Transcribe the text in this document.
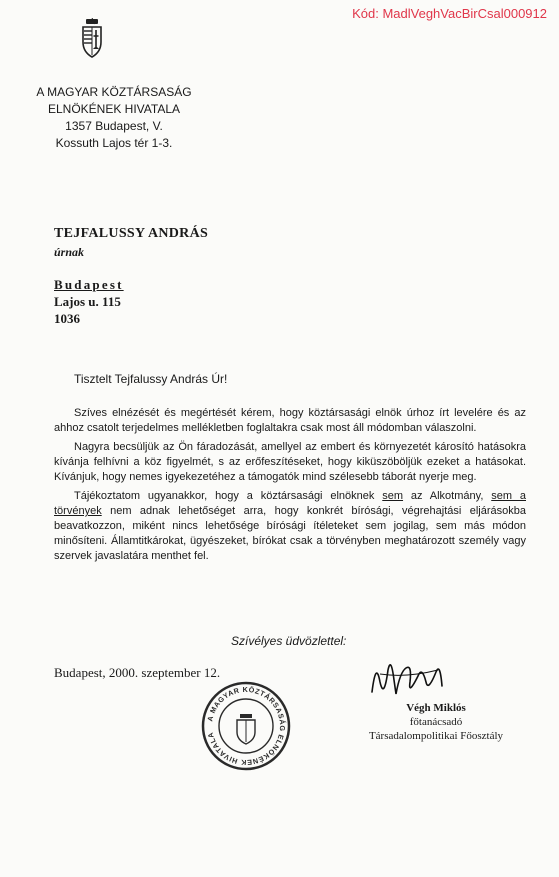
Kód: MadlVeghVacBirCsal000912
A MAGYAR KÖZTÁRSASÁG
ELNÖKÉNEK HIVATALA
1357 Budapest, V.
Kossuth Lajos tér 1-3.
TEJFALUSSY ANDRÁS
úrnak
Budapest
Lajos u. 115
1036
Tisztelt Tejfalussy András Úr!

Szíves elnézését és megértését kérem, hogy köztársasági elnök úrhoz írt levelére és az ahhoz csatolt terjedelmes mellékletben foglaltakra csak most áll módomban válaszolni.

Nagyra becsüljük az Ön fáradozását, amellyel az embert és környezetét károsító hatásokra kívánja felhívni a köz figyelmét, s az erőfeszítéseket, hogy kiküszöböljük ezeket a hatásokat. Kívánjuk, hogy nemes igyekezetéhez a támogatók mind szélesebb táborát nyerje meg.

Tájékoztatom ugyanakkor, hogy a köztársasági elnöknek sem az Alkotmány, sem a törvények nem adnak lehetőséget arra, hogy konkrét bírósági, végrehajtási eljárásokba beavatkozzon, miként nincs lehetősége bírósági ítéleteket sem jogilag, sem más módon minősíteni. Államtitkárokat, ügyészeket, bírókat csak a törvényben meghatározott személy vagy szervek javaslatára menthet fel.

Szívélyes üdvözlettel:
Budapest, 2000. szeptember 12.
Végh Miklós
főtanácsadó
Társadalompolitikai Főosztály
A MAGYAR KÖZTÁRSASÁG ELNÖKÉNEK HIVATALA
